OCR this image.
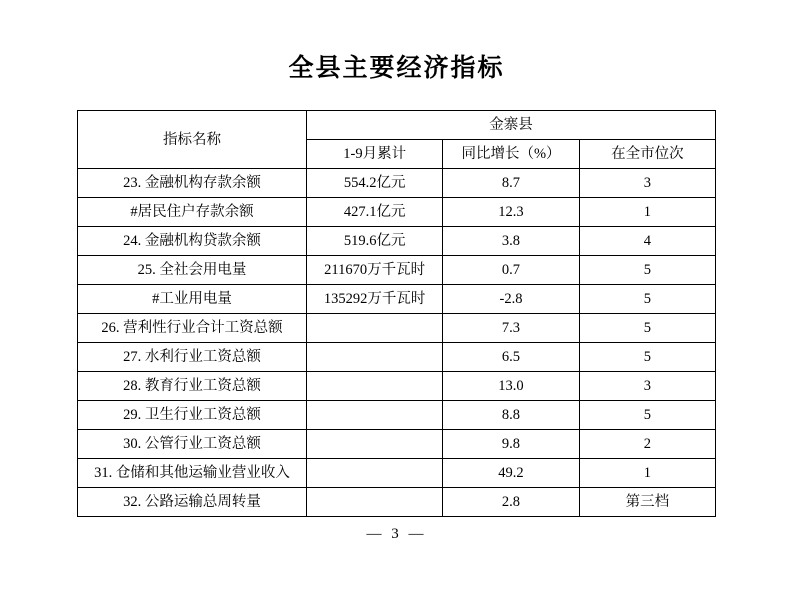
全县主要经济指标
指标名称	金寨县		
	1-9月累计	同比增长（%）	在全市位次
23. 金融机构存款余额	554.2亿元	8.7	3
#居民住户存款余额	427.1亿元	12.3	1
24. 金融机构贷款余额	519.6亿元	3.8	4
25. 全社会用电量	211670万千瓦时	0.7	5
#工业用电量	135292万千瓦时	-2.8	5
26. 营利性行业合计工资总额		7.3	5
27. 水利行业工资总额		6.5	5
28. 教育行业工资总额		13.0	3
29. 卫生行业工资总额		8.8	5
30. 公管行业工资总额		9.8	2
31. 仓储和其他运输业营业收入		49.2	1
32. 公路运输总周转量		2.8	第三档
— 3 —
